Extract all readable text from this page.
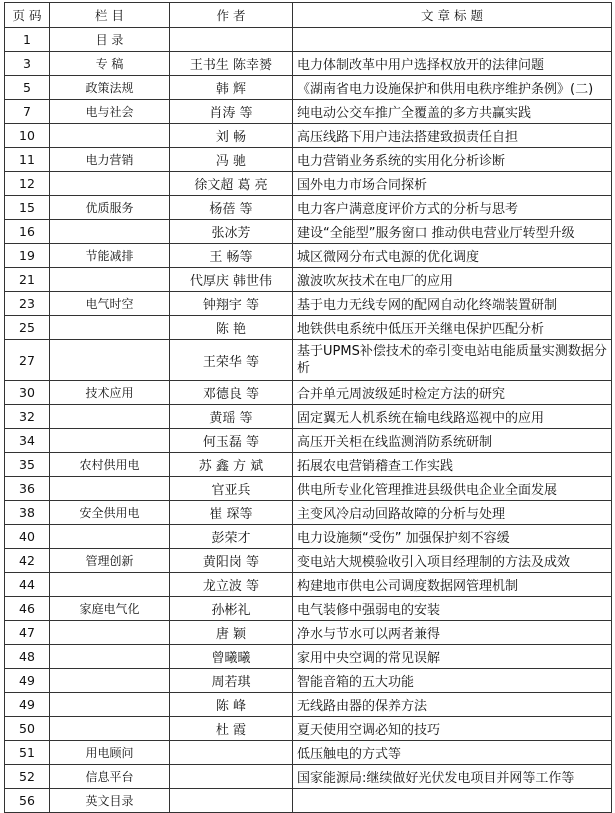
页 码	栏 目	作 者	文 章 标 题
1	目 录		
3	专 稿	王书生 陈幸赟	电力体制改革中用户选择权放开的法律问题
5	政策法规	韩 辉	《湖南省电力设施保护和供用电秩序维护条例》(二)
7	电与社会	肖涛 等	纯电动公交车推广全覆盖的多方共赢实践
10		刘 畅	高压线路下用户违法搭建致损责任自担
11	电力营销	冯 驰	电力营销业务系统的实用化分析诊断
12		徐文超 葛 亮	国外电力市场合同探析
15	优质服务	杨蓓 等	电力客户满意度评价方式的分析与思考
16		张冰芳	建设“全能型”服务窗口 推动供电营业厅转型升级
19	节能减排	王 畅等	城区微网分布式电源的优化调度
21		代厚庆 韩世伟	激波吹灰技术在电厂的应用
23	电气时空	钟翔宇 等	基于电力无线专网的配网自动化终端装置研制
25		陈 艳	地铁供电系统中低压开关继电保护匹配分析
27		王荣华 等	基于UPMS补偿技术的牵引变电站电能质量实测数据分析
30	技术应用	邓德良 等	合并单元周波级延时检定方法的研究
32		黄瑶 等	固定翼无人机系统在输电线路巡视中的应用
34		何玉磊 等	高压开关柜在线监测消防系统研制
35	农村供用电	苏 鑫 方 斌	拓展农电营销稽查工作实践
36		官亚兵	供电所专业化管理推进县级供电企业全面发展
38	安全供用电	崔 琛等	主变风冷启动回路故障的分析与处理
40		彭荣才	电力设施频“受伤” 加强保护刻不容缓
42	管理创新	黄阳岗 等	变电站大规模验收引入项目经理制的方法及成效
44		龙立波 等	构建地市供电公司调度数据网管理机制
46	家庭电气化	孙彬礼	电气装修中强弱电的安装
47		唐 颖	净水与节水可以两者兼得
48		曾曦曦	家用中央空调的常见误解
49		周若琪	智能音箱的五大功能
49		陈 峰	无线路由器的保养方法
50		杜 霞	夏天使用空调必知的技巧
51	用电顾问		低压触电的方式等
52	信息平台		国家能源局:继续做好光伏发电项目并网等工作等
56	英文目录		
